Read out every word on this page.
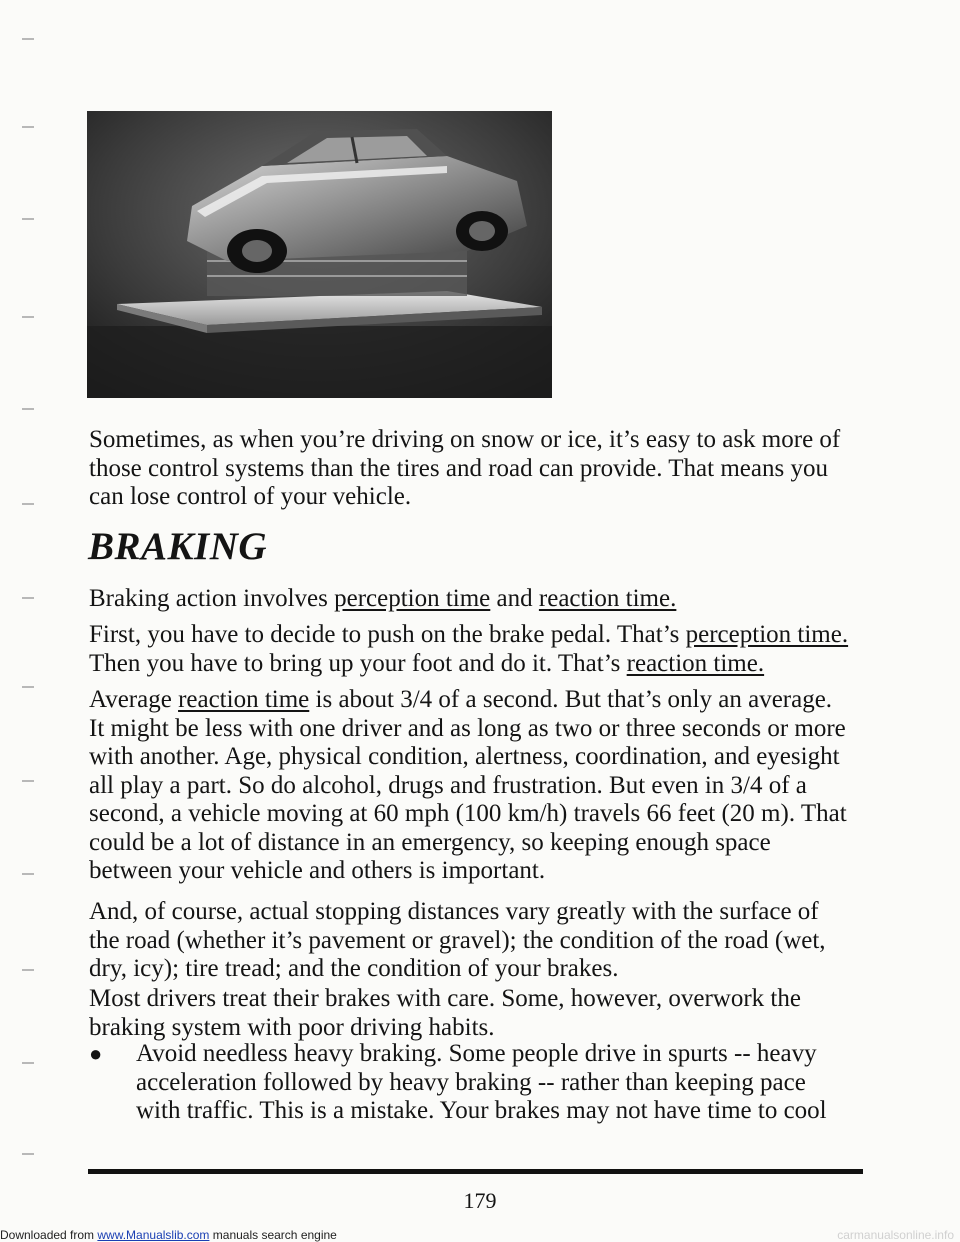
Sometimes, as when you’re driving on snow or ice, it’s easy to ask more of those control systems than the tires and road can provide. That means you can lose control of your vehicle.

BRAKING

Braking action involves perception time and reaction time.

First, you have to decide to push on the brake pedal. That’s perception time. Then you have to bring up your foot and do it. That’s reaction time.

Average reaction time is about 3/4 of a second. But that’s only an average. It might be less with one driver and as long as two or three seconds or more with another. Age, physical condition, alertness, coordination, and eyesight all play a part. So do alcohol, drugs and frustration. But even in 3/4 of a second, a vehicle moving at 60 mph (100 km/h) travels 66 feet (20 m). That could be a lot of distance in an emergency, so keeping enough space between your vehicle and others is important.

And, of course, actual stopping distances vary greatly with the surface of the road (whether it’s pavement or gravel); the condition of the road (wet, dry, icy); tire tread; and the condition of your brakes.

Most drivers treat their brakes with care. Some, however, overwork the braking system with poor driving habits.

● Avoid needless heavy braking. Some people drive in spurts -- heavy acceleration followed by heavy braking -- rather than keeping pace with traffic. This is a mistake. Your brakes may not have time to cool

179
Downloaded from www.Manualslib.com manuals search engine	carmanualsonline.info
